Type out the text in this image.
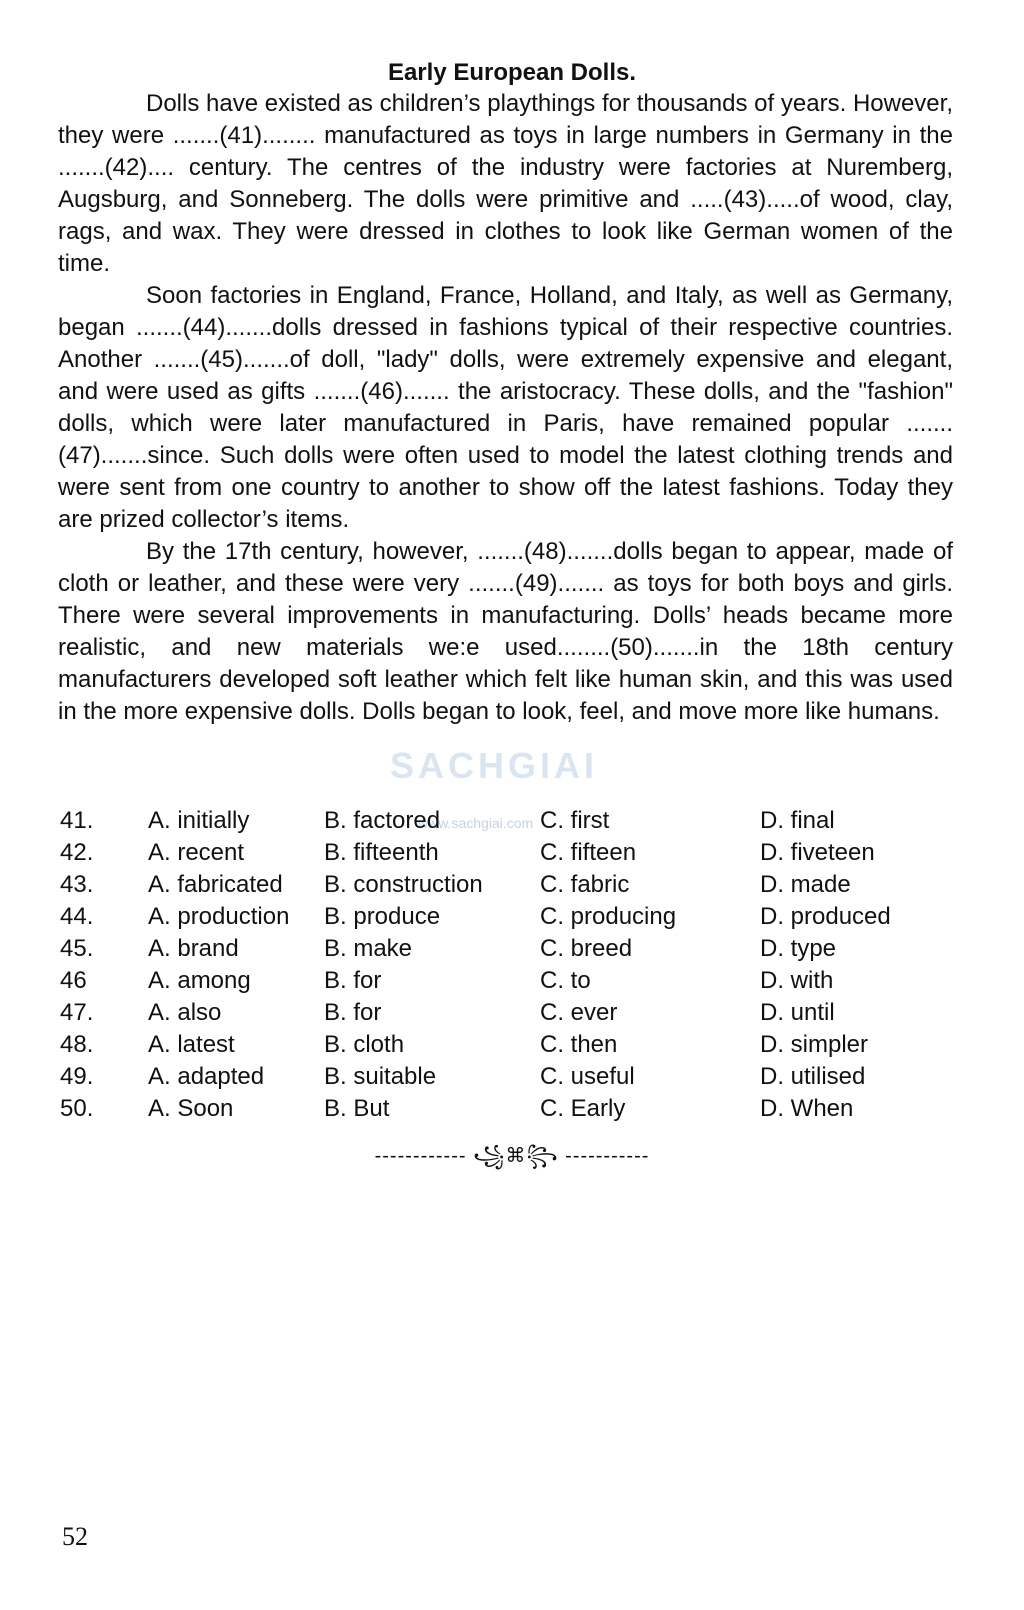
Early European Dolls.

Dolls have existed as children’s playthings for thousands of years. However, they were .......(41)........ manufactured as toys in large numbers in Germany in the .......(42).... century. The centres of the industry were factories at Nuremberg, Augsburg, and Sonneberg. The dolls were primitive and .....(43).....of wood, clay, rags, and wax. They were dressed in clothes to look like German women of the time.

Soon factories in England, France, Holland, and Italy, as well as Germany, began .......(44).......dolls dressed in fashions typical of their respective countries. Another .......(45).......of doll, "lady" dolls, were extremely expensive and elegant, and were used as gifts .......(46)....... the aristocracy. These dolls, and the "fashion" dolls, which were later manufactured in Paris, have remained popular .......(47).......since. Such dolls were often used to model the latest clothing trends and were sent from one country to another to show off the latest fashions. Today they are prized collector’s items.

By the 17th century, however, .......(48).......dolls began to appear, made of cloth or leather, and these were very .......(49)....... as toys for both boys and girls. There were several improvements in manufacturing. Dolls’ heads became more realistic, and new materials we:e used........(50).......in the 18th century manufacturers developed soft leather which felt like human skin, and this was used in the more expensive dolls. Dolls began to look, feel, and move more like humans.

SACHGIAI
www.sachgiai.com
41. A. initially	B. factored	C. first	D. final
42. A. recent	B. fifteenth	C. fifteen	D. fiveteen
43. A. fabricated B. construction C. fabric	D. made
44. A. production B. produce	C. producing	D. produced
45. A. brand	B. make	C. breed	D. type
46	A. among	B. for	C. to	D. with
47. A. also	B. for	C. ever	D. until
48. A. latest	B. cloth	C. then	D. simpler
49. A. adapted B. suitable	C. useful	D. utilised
50. A. Soon	B. But	C. Early	D. When
------------ ꧁⌘꧂ -----------
52
